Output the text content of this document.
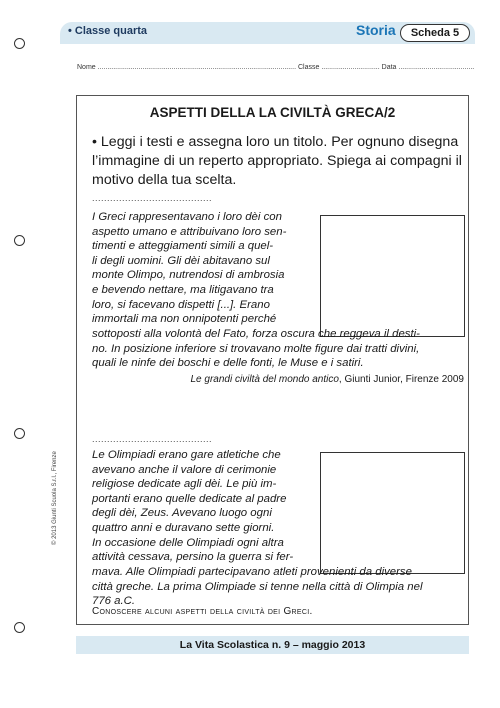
• Classe quarta	Storia	Scheda 5
Nome ...................................................................................................... Classe .............................. Data .......................................
ASPETTI DELLA LA CIVILTÀ GRECA/2
• Leggi i testi e assegna loro un titolo. Per ognuno disegna l’immagine di un reperto appropriato. Spiega ai compagni il motivo della tua scelta.
........................................
I Greci rappresentavano i loro dèi con
aspetto umano e attribuivano loro sen-
timenti e atteggiamenti simili a quel-
li degli uomini. Gli dèi abitavano sul
monte Olimpo, nutrendosi di ambrosia
e bevendo nettare, ma litigavano tra
loro, si facevano dispetti [...]. Erano
immortali ma non onnipotenti perché
sottoposti alla volontà del Fato, forza oscura che reggeva il desti-
no. In posizione inferiore si trovavano molte figure dai tratti divini,
quali le ninfe dei boschi e delle fonti, le Muse e i satiri.
Le grandi civiltà del mondo antico, Giunti Junior, Firenze 2009
........................................
Le Olimpiadi erano gare atletiche che
avevano anche il valore di cerimonie
religiose dedicate agli dèi. Le più im-
portanti erano quelle dedicate al padre
degli dèi, Zeus. Avevano luogo ogni
quattro anni e duravano sette giorni.
In occasione delle Olimpiadi ogni altra
attività cessava, persino la guerra si fer-
mava. Alle Olimpiadi partecipavano atleti provenienti da diverse
città greche. La prima Olimpiade si tenne nella città di Olimpia nel
776 a.C.
Conoscere alcuni aspetti della civiltà dei Greci.
La Vita Scolastica n. 9 – maggio 2013
© 2013 Giunti Scuola S.r.l., Firenze
